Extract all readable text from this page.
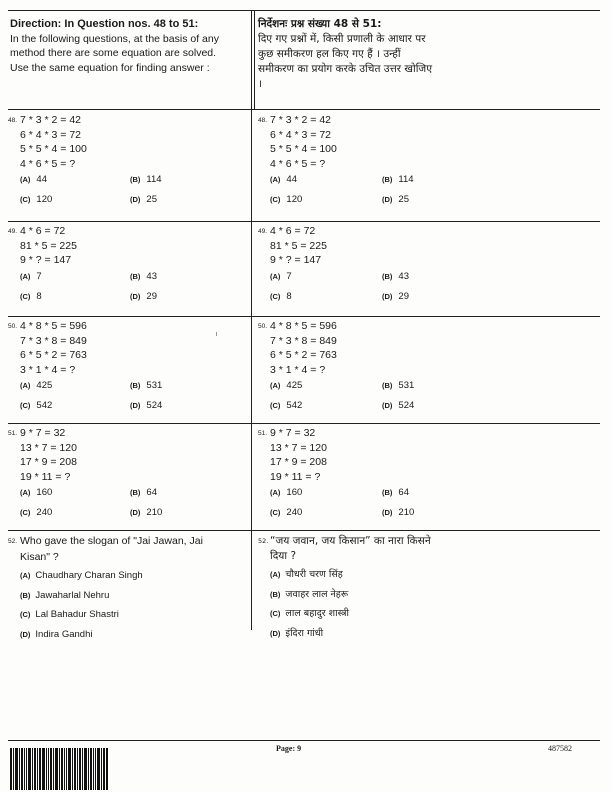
Direction: In Question nos. 48 to 51:
In the following questions, at the basis of any
method there are some equation are solved.
Use the same equation for finding answer :
निर्देशनः प्रश्न संख्या 48 से 51:
दिए गए प्रश्नों में, किसी प्रणाली के आधार पर
कुछ समीकरण हल किए गए हैं । उन्हीं
समीकरण का प्रयोग करके उचित उत्तर खोजिए
।
48. 7 * 3 * 2 = 42
6 * 4 * 3 = 72
5 * 5 * 4 = 100
4 * 6 * 5 = ?
(A) 44	(B) 114
(C) 120	(D) 25
48. 7 * 3 * 2 = 42
6 * 4 * 3 = 72
5 * 5 * 4 = 100
4 * 6 * 5 = ?
(A) 44	(B) 114
(C) 120	(D) 25
49. 4 * 6 = 72
81 * 5 = 225
9 * ? = 147
(A) 7	(B) 43
(C) 8	(D) 29
49. 4 * 6 = 72
81 * 5 = 225
9 * ? = 147
(A) 7	(B) 43
(C) 8	(D) 29
50. 4 * 8 * 5 = 596
7 * 3 * 8 = 849
6 * 5 * 2 = 763
3 * 1 * 4 = ?
(A) 425	(B) 531
(C) 542	(D) 524
50. 4 * 8 * 5 = 596
7 * 3 * 8 = 849
6 * 5 * 2 = 763
3 * 1 * 4 = ?
(A) 425	(B) 531
(C) 542	(D) 524
51. 9 * 7 = 32
13 * 7 = 120
17 * 9 = 208
19 * 11 = ?
(A) 160	(B) 64
(C) 240	(D) 210
51. 9 * 7 = 32
13 * 7 = 120
17 * 9 = 208
19 * 11 = ?
(A) 160	(B) 64
(C) 240	(D) 210
52. Who gave the slogan of "Jai Jawan, Jai
Kisan" ?
(A) Chaudhary Charan Singh
(B) Jawaharlal Nehru
(C) Lal Bahadur Shastri
(D) Indira Gandhi
52. “जय जवान, जय किसान” का नारा किसने
दिया ?
(A) चौधरी चरण सिंह
(B) जवाहर लाल नेहरू
(C) लाल बहादुर शास्त्री
(D) इंदिरा गांधी
Page: 9	487582
